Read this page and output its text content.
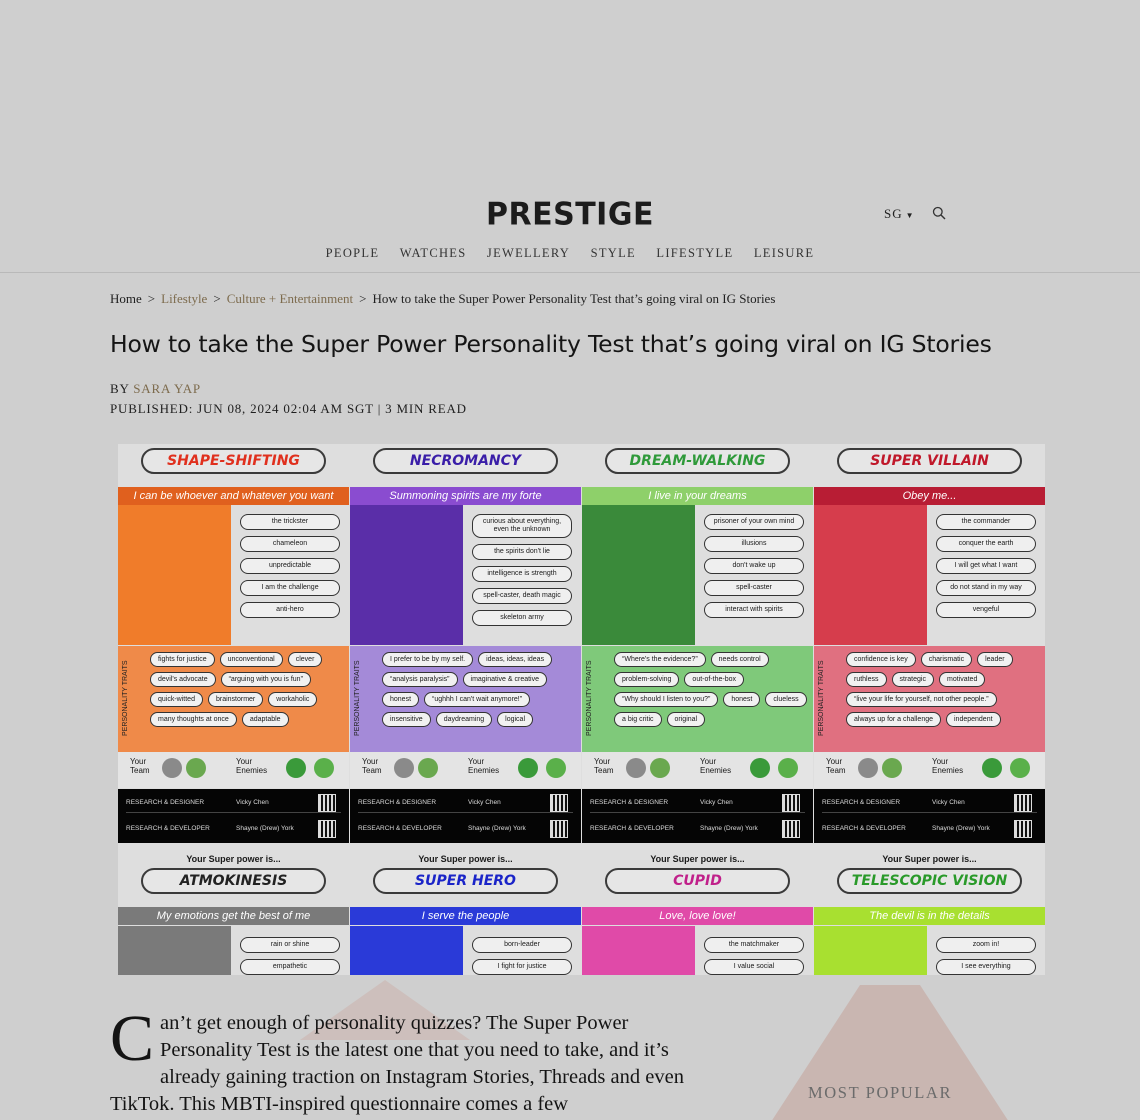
PRESTIGE	SG ▼
PEOPLE WATCHES JEWELLERY STYLE LIFESTYLE LEISURE
Home > Lifestyle > Culture + Entertainment > How to take the Super Power Personality Test that’s going viral on IG Stories
How to take the Super Power Personality Test that’s going viral on IG Stories
BY SARA YAP
PUBLISHED: JUN 08, 2024 02:04 AM SGT | 3 MIN READ
SHAPE-SHIFTING
I can be whoever and whatever you want
the trickster
chameleon
unpredictable
I am the challenge
anti-hero
PERSONALITY TRAITS
fights for justice	unconventional	clever
devil's advocate	“arguing with you is fun”
quick-witted	brainstormer	workaholic
many thoughts at once	adaptable
Your Team
Your Enemies
RESEARCH & DESIGNER	Vicky Chen
RESEARCH & DEVELOPER	Shayne (Drew) York
Your Super power is...
ATMOKINESIS
My emotions get the best of me
rain or shine
empathetic
NECROMANCY
Summoning spirits are my forte
curious about everything, even the unknown
the spirits don't lie
intelligence is strength
spell-caster, death magic
skeleton army
PERSONALITY TRAITS
I prefer to be by my self.	ideas, ideas, ideas
“analysis paralysis”	imaginative & creative
honest	“ughhh I can't wait anymore!”
insensitive	daydreaming	logical
Your Team
Your Enemies
RESEARCH & DESIGNER	Vicky Chen
RESEARCH & DEVELOPER	Shayne (Drew) York
Your Super power is...
SUPER HERO
I serve the people
born-leader
I fight for justice
DREAM-WALKING
I live in your dreams
prisoner of your own mind
illusions
don't wake up
spell-caster
interact with spirits
PERSONALITY TRAITS
“Where's the evidence?”	needs control
problem-solving	out-of-the-box
“Why should I listen to you?”	honest	clueless
a big critic	original
Your Team
Your Enemies
RESEARCH & DESIGNER	Vicky Chen
RESEARCH & DEVELOPER	Shayne (Drew) York
Your Super power is...
CUPID
Love, love love!
the matchmaker
I value social
SUPER VILLAIN
Obey me...
the commander
conquer the earth
I will get what I want
do not stand in my way
vengeful
PERSONALITY TRAITS
confidence is key	charismatic	leader
ruthless	strategic	motivated
“live your life for yourself, not other people.”
always up for a challenge	independent
Your Team
Your Enemies
RESEARCH & DESIGNER	Vicky Chen
RESEARCH & DEVELOPER	Shayne (Drew) York
Your Super power is...
TELESCOPIC VISION
The devil is in the details
zoom in!
I see everything
Can’t get enough of personality quizzes? The Super Power Personality Test is the latest one that you need to take, and it’s already gaining traction on Instagram Stories, Threads and even TikTok. This MBTI-inspired questionnaire comes a few
MOST POPULAR
